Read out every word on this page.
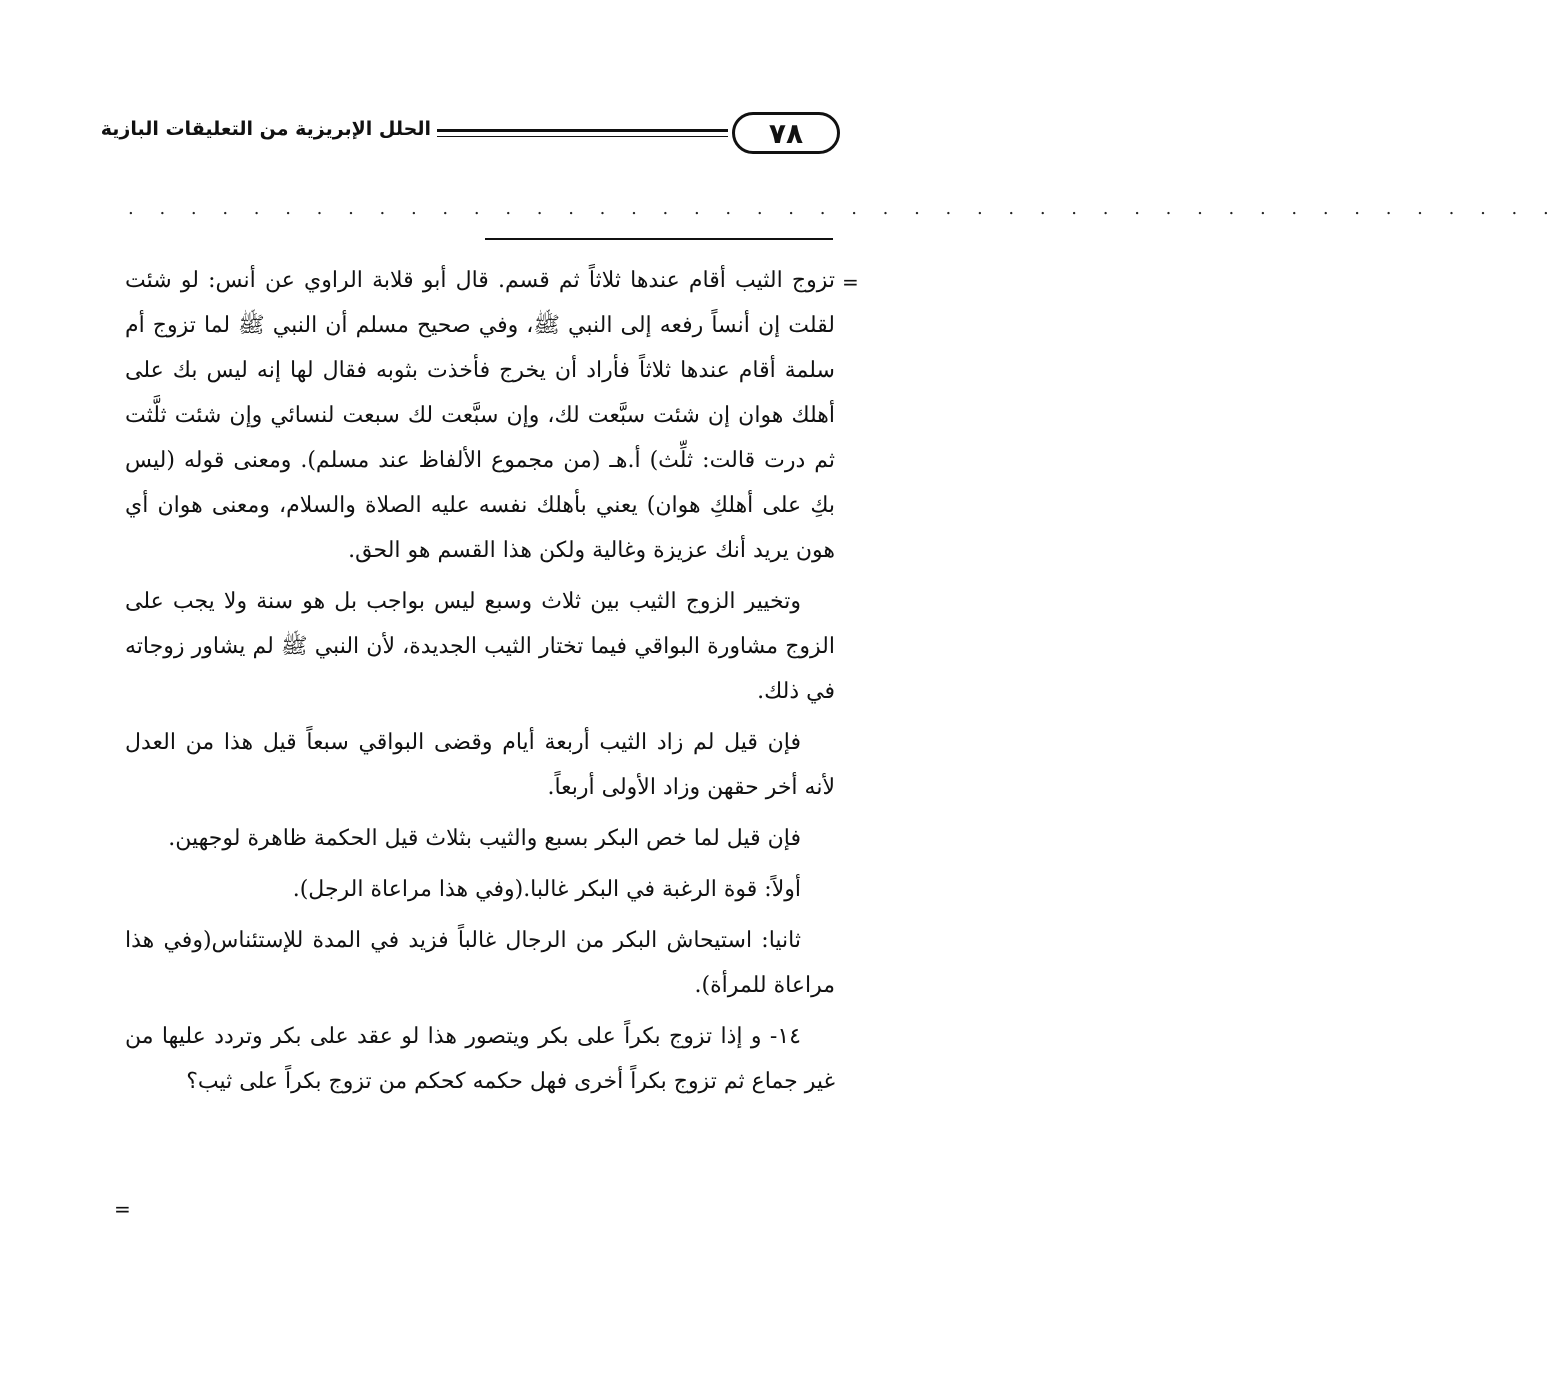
٧٨
الحلل الإبريزية من التعليقات البازية
. . . . . . . . . . . . . . . . . . . . . . . . . . . . . . . . . . . . . . . . . . . . . .
=

تزوج الثيب أقام عندها ثلاثاً ثم قسم. قال أبو قلابة الراوي عن أنس: لو شئت لقلت إن أنساً رفعه إلى النبي ﷺ، وفي صحيح مسلم أن النبي ﷺ لما تزوج أم سلمة أقام عندها ثلاثاً فأراد أن يخرج فأخذت بثوبه فقال لها إنه ليس بك على أهلك هوان إن شئت سبَّعت لك، وإن سبَّعت لك سبعت لنسائي وإن شئت ثلَّثت ثم درت قالت: ثلِّث) أ.هـ (من مجموع الألفاظ عند مسلم). ومعنى قوله (ليس بكِ على أهلكِ هوان) يعني بأهلك نفسه عليه الصلاة والسلام، ومعنى هوان أي هون يريد أنك عزيزة وغالية ولكن هذا القسم هو الحق.

وتخيير الزوج الثيب بين ثلاث وسبع ليس بواجب بل هو سنة ولا يجب على الزوج مشاورة البواقي فيما تختار الثيب الجديدة، لأن النبي ﷺ لم يشاور زوجاته في ذلك.

فإن قيل لم زاد الثيب أربعة أيام وقضى البواقي سبعاً قيل هذا من العدل لأنه أخر حقهن وزاد الأولى أربعاً.

فإن قيل لما خص البكر بسبع والثيب بثلاث قيل الحكمة ظاهرة لوجهين.

أولاً: قوة الرغبة في البكر غالبا.(وفي هذا مراعاة الرجل).

ثانيا: استيحاش البكر من الرجال غالباً فزيد في المدة للإستئناس(وفي هذا مراعاة للمرأة).

١٤- و إذا تزوج بكراً على بكر ويتصور هذا لو عقد على بكر وتردد عليها من غير جماع ثم تزوج بكراً أخرى فهل حكمه كحكم من تزوج بكراً على ثيب؟

=
